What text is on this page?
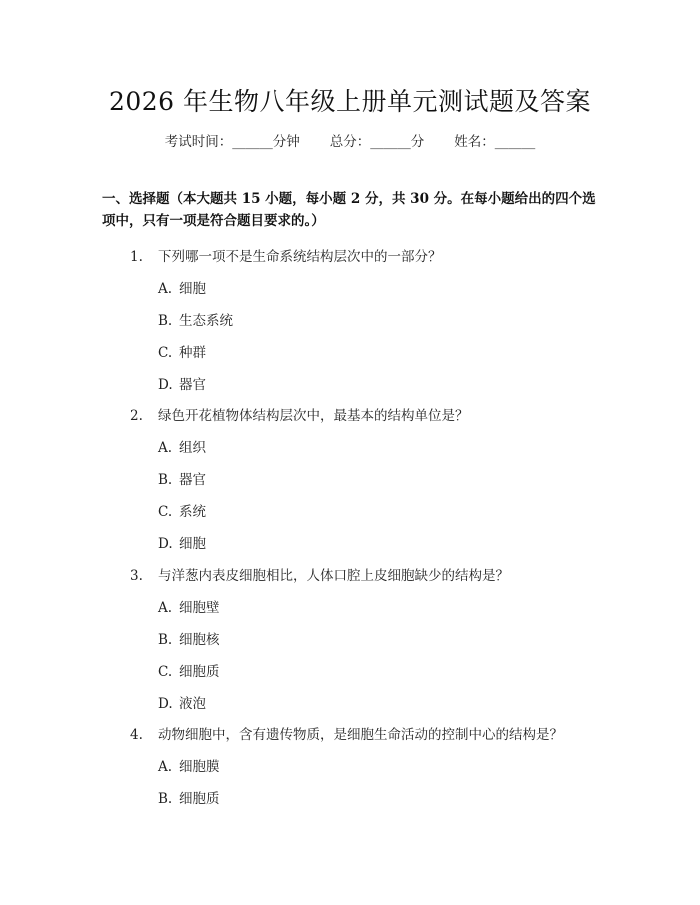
2026 年生物八年级上册单元测试题及答案
考试时间：______分钟 总分：______分 姓名：______
一、选择题（本大题共 15 小题，每小题 2 分，共 30 分。在每小题给出的四个选项中，只有一项是符合题目要求的。）
1. 下列哪一项不是生命系统结构层次中的一部分？
A. 细胞
B. 生态系统
C. 种群
D. 器官
2. 绿色开花植物体结构层次中，最基本的结构单位是？
A. 组织
B. 器官
C. 系统
D. 细胞
3. 与洋葱内表皮细胞相比，人体口腔上皮细胞缺少的结构是？
A. 细胞壁
B. 细胞核
C. 细胞质
D. 液泡
4. 动物细胞中，含有遗传物质，是细胞生命活动的控制中心的结构是？
A. 细胞膜
B. 细胞质
